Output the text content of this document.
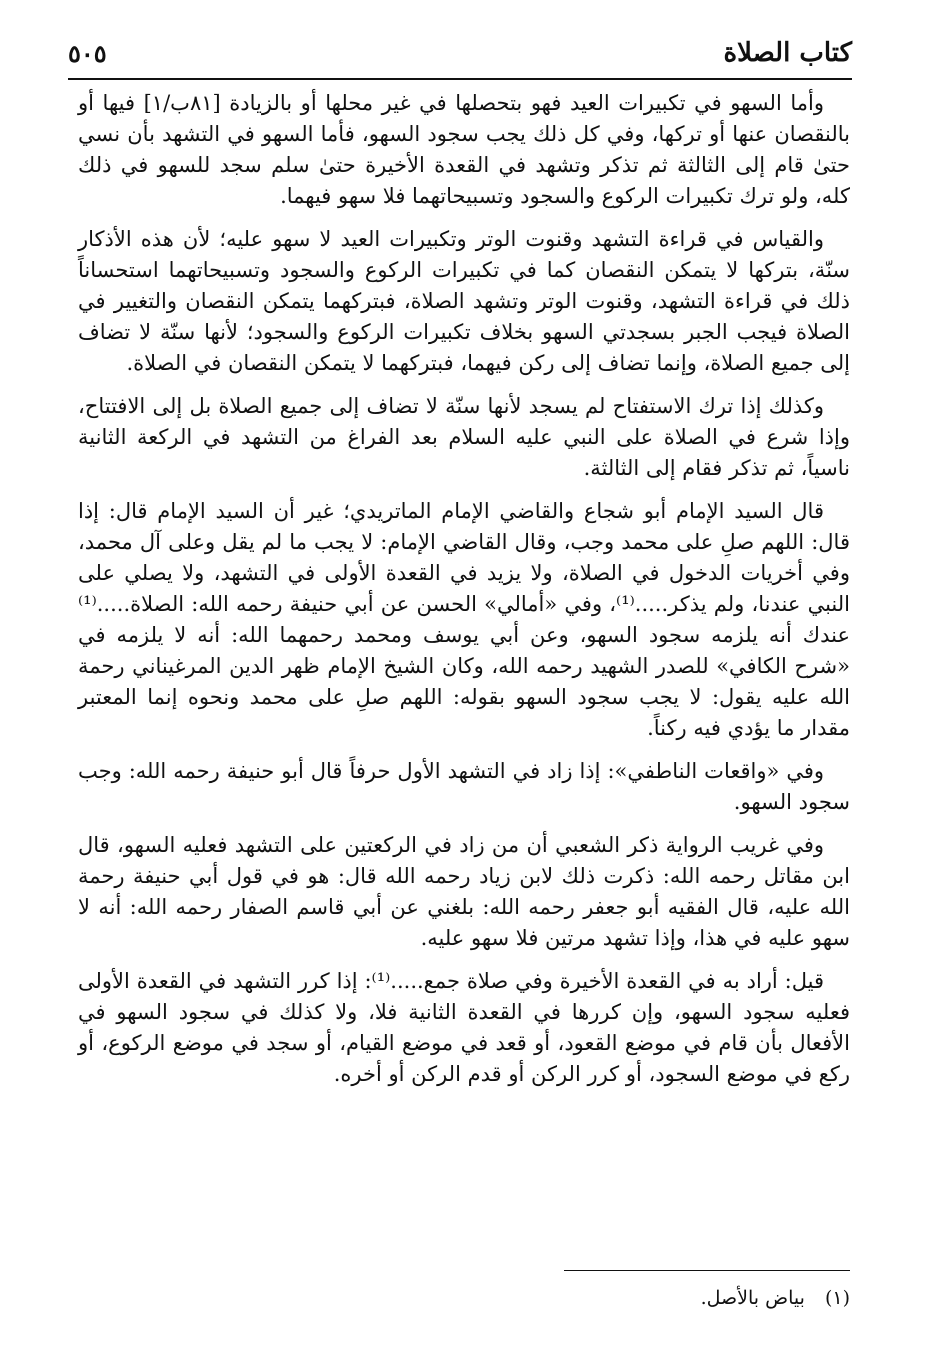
كتاب الصلاة
٥٠٥

وأما السهو في تكبيرات العيد فهو بتحصلها في غير محلها أو بالزيادة [٨١ب/١] فيها أو بالنقصان عنها أو تركها، وفي كل ذلك يجب سجود السهو، فأما السهو في التشهد بأن نسي حتىٰ قام إلى الثالثة ثم تذكر وتشهد في القعدة الأخيرة حتىٰ سلم سجد للسهو في ذلك كله، ولو ترك تكبيرات الركوع والسجود وتسبيحاتهما فلا سهو فيهما.

والقياس في قراءة التشهد وقنوت الوتر وتكبيرات العيد لا سهو عليه؛ لأن هذه الأذكار سنّة، بتركها لا يتمكن النقصان كما في تكبيرات الركوع والسجود وتسبيحاتهما استحساناً ذلك في قراءة التشهد، وقنوت الوتر وتشهد الصلاة، فبتركهما يتمكن النقصان والتغيير في الصلاة فيجب الجبر بسجدتي السهو بخلاف تكبيرات الركوع والسجود؛ لأنها سنّة لا تضاف إلى جميع الصلاة، وإنما تضاف إلى ركن فيهما، فبتركهما لا يتمكن النقصان في الصلاة.

وكذلك إذا ترك الاستفتاح لم يسجد لأنها سنّة لا تضاف إلى جميع الصلاة بل إلى الافتتاح، وإذا شرع في الصلاة على النبي عليه السلام بعد الفراغ من التشهد في الركعة الثانية ناسياً، ثم تذكر فقام إلى الثالثة.

قال السيد الإمام أبو شجاع والقاضي الإمام الماتريدي؛ غير أن السيد الإمام قال: إذا قال: اللهم صلِ على محمد وجب، وقال القاضي الإمام: لا يجب ما لم يقل وعلى آل محمد، وفي أخريات الدخول في الصلاة، ولا يزيد في القعدة الأولى في التشهد، ولا يصلي على النبي عندنا، ولم يذكر.....⁽¹⁾، وفي «أمالي» الحسن عن أبي حنيفة رحمه الله: الصلاة.....⁽¹⁾ عندك أنه يلزمه سجود السهو، وعن أبي يوسف ومحمد رحمهما الله: أنه لا يلزمه في «شرح الكافي» للصدر الشهيد رحمه الله، وكان الشيخ الإمام ظهر الدين المرغيناني رحمة الله عليه يقول: لا يجب سجود السهو بقوله: اللهم صلِ على محمد ونحوه إنما المعتبر مقدار ما يؤدي فيه ركناً.

وفي «واقعات الناطفي»: إذا زاد في التشهد الأول حرفاً قال أبو حنيفة رحمه الله: وجب سجود السهو.

وفي غريب الرواية ذكر الشعبي أن من زاد في الركعتين على التشهد فعليه السهو، قال ابن مقاتل رحمه الله: ذكرت ذلك لابن زياد رحمه الله قال: هو في قول أبي حنيفة رحمة الله عليه، قال الفقيه أبو جعفر رحمه الله: بلغني عن أبي قاسم الصفار رحمه الله: أنه لا سهو عليه في هذا، وإذا تشهد مرتين فلا سهو عليه.

قيل: أراد به في القعدة الأخيرة وفي صلاة جمع.....⁽¹⁾: إذا كرر التشهد في القعدة الأولى فعليه سجود السهو، وإن كررها في القعدة الثانية فلا، ولا كذلك في سجود السهو في الأفعال بأن قام في موضع القعود، أو قعد في موضع القيام، أو سجد في موضع الركوع، أو ركع في موضع السجود، أو كرر الركن أو قدم الركن أو أخره.

(١) بياض بالأصل.
